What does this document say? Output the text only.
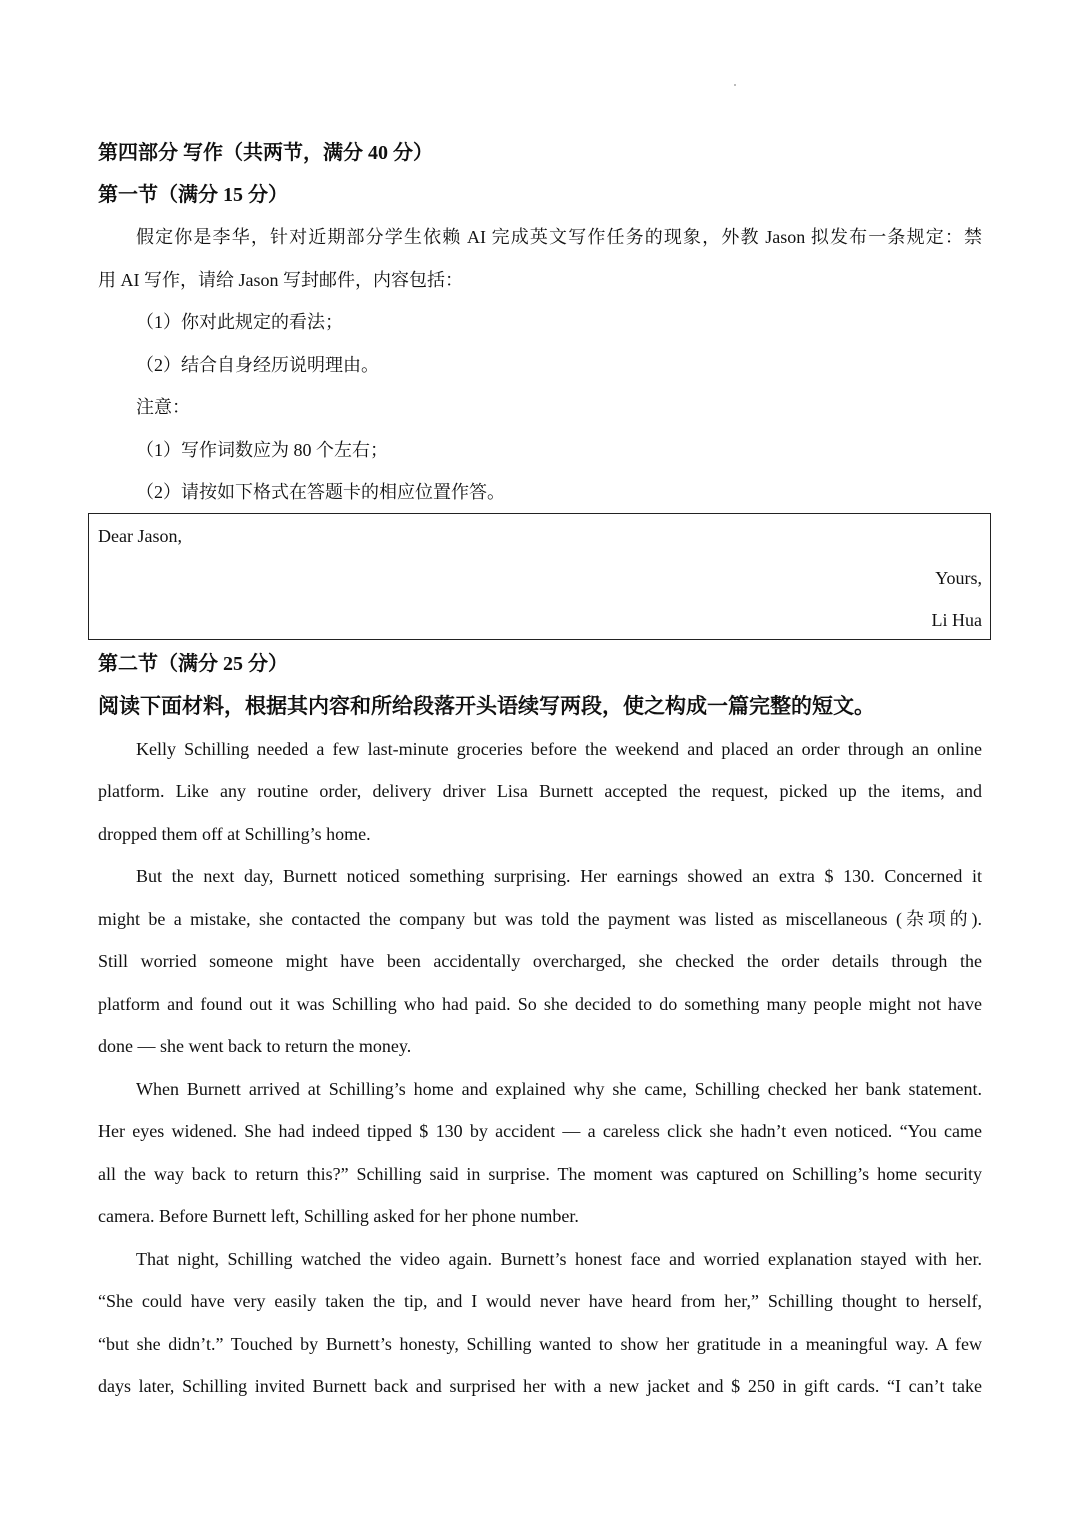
第四部分 写作（共两节，满分 40 分）
第一节（满分 15 分）
假定你是李华，针对近期部分学生依赖 AI 完成英文写作任务的现象，外教 Jason 拟发布一条规定：禁
用 AI 写作，请给 Jason 写封邮件，内容包括：
（1）你对此规定的看法；
（2）结合自身经历说明理由。
注意：
（1）写作词数应为 80 个左右；
（2）请按如下格式在答题卡的相应位置作答。
Dear Jason,
Yours,
Li Hua
第二节（满分 25 分）
阅读下面材料，根据其内容和所给段落开头语续写两段，使之构成一篇完整的短文。
Kelly Schilling needed a few last-minute groceries before the weekend and placed an order through an online
platform. Like any routine order, delivery driver Lisa Burnett accepted the request, picked up the items, and
dropped them off at Schilling’s home.
But the next day, Burnett noticed something surprising. Her earnings showed an extra $ 130. Concerned it
might be a mistake, she contacted the company but was told the payment was listed as miscellaneous (杂项的).
Still worried someone might have been accidentally overcharged, she checked the order details through the
platform and found out it was Schilling who had paid. So she decided to do something many people might not have
done — she went back to return the money.
When Burnett arrived at Schilling’s home and explained why she came, Schilling checked her bank statement.
Her eyes widened. She had indeed tipped $ 130 by accident — a careless click she hadn’t even noticed. “You came
all the way back to return this?” Schilling said in surprise. The moment was captured on Schilling’s home security
camera. Before Burnett left, Schilling asked for her phone number.
That night, Schilling watched the video again. Burnett’s honest face and worried explanation stayed with her.
“She could have very easily taken the tip, and I would never have heard from her,” Schilling thought to herself,
“but she didn’t.” Touched by Burnett’s honesty, Schilling wanted to show her gratitude in a meaningful way. A few
days later, Schilling invited Burnett back and surprised her with a new jacket and $ 250 in gift cards. “I can’t take
